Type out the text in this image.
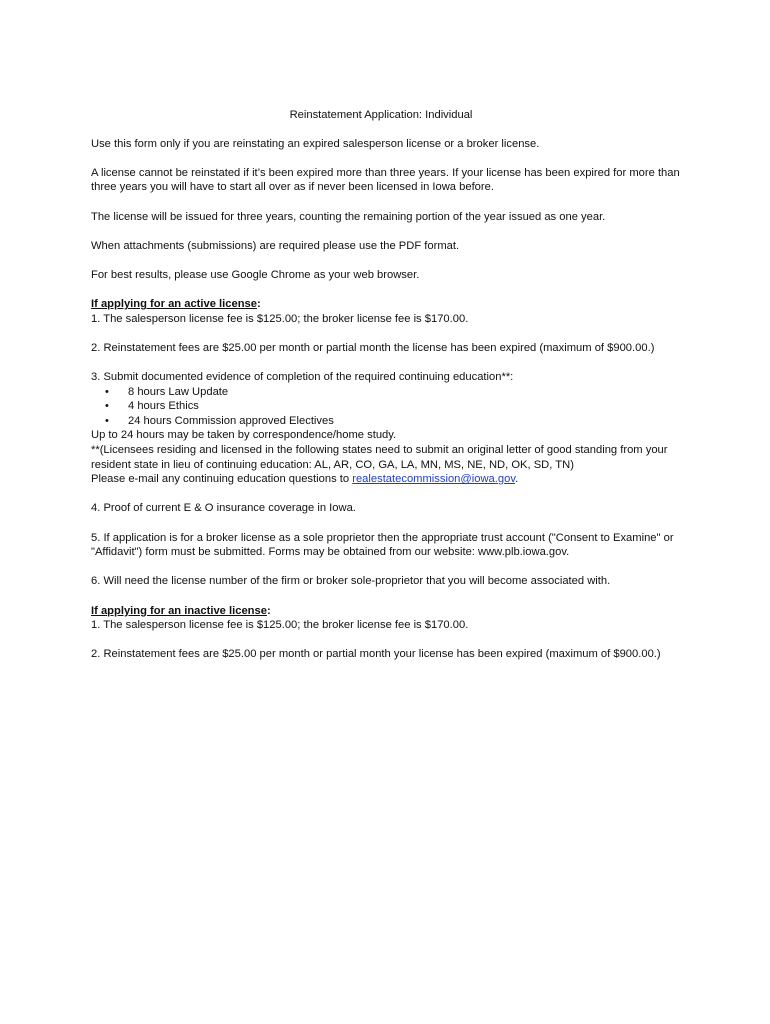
Reinstatement Application: Individual

Use this form only if you are reinstating an expired salesperson license or a broker license.

A license cannot be reinstated if it’s been expired more than three years. If your license has been expired for more than three years you will have to start all over as if never been licensed in Iowa before.

The license will be issued for three years, counting the remaining portion of the year issued as one year.

When attachments (submissions) are required please use the PDF format.

For best results, please use Google Chrome as your web browser.

If applying for an active license:

1. The salesperson license fee is $125.00; the broker license fee is $170.00.

2. Reinstatement fees are $25.00 per month or partial month the license has been expired (maximum of $900.00.)

3. Submit documented evidence of completion of the required continuing education**:
• 8 hours Law Update
• 4 hours Ethics
• 24 hours Commission approved Electives
Up to 24 hours may be taken by correspondence/home study.
**(Licensees residing and licensed in the following states need to submit an original letter of good standing from your resident state in lieu of continuing education: AL, AR, CO, GA, LA, MN, MS, NE, ND, OK, SD, TN)
Please e-mail any continuing education questions to realestatecommission@iowa.gov.

4. Proof of current E & O insurance coverage in Iowa.

5. If application is for a broker license as a sole proprietor then the appropriate trust account ("Consent to Examine" or "Affidavit") form must be submitted. Forms may be obtained from our website: www.plb.iowa.gov.

6. Will need the license number of the firm or broker sole-proprietor that you will become associated with.

If applying for an inactive license:

1. The salesperson license fee is $125.00; the broker license fee is $170.00.

2. Reinstatement fees are $25.00 per month or partial month your license has been expired (maximum of $900.00.)
